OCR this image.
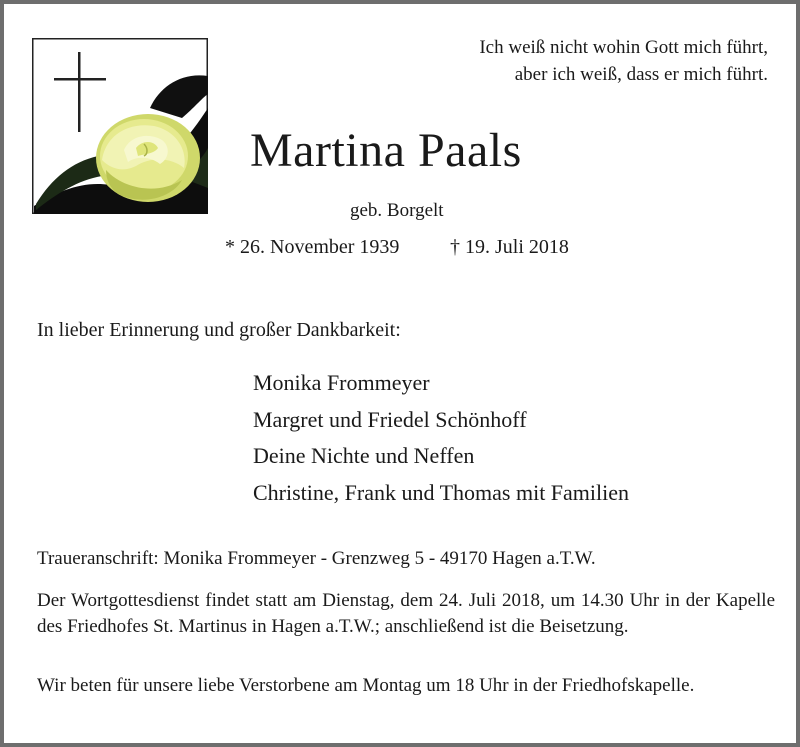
Ich weiß nicht wohin Gott mich führt,
aber ich weiß, dass er mich führt.
Martina Paals
geb. Borgelt
* 26. November 1939	† 19. Juli 2018
In lieber Erinnerung und großer Dankbarkeit:
Monika Frommeyer
Margret und Friedel Schönhoff
Deine Nichte und Neffen
Christine, Frank und Thomas mit Familien
Traueranschrift: Monika Frommeyer - Grenzweg 5 - 49170 Hagen a.T.W.

Der Wortgottesdienst findet statt am Dienstag, dem 24. Juli 2018, um 14.30 Uhr in der Kapelle des Friedhofes St. Martinus in Hagen a.T.W.; anschließend ist die Beisetzung.

Wir beten für unsere liebe Verstorbene am Montag um 18 Uhr in der Friedhofskapelle.
